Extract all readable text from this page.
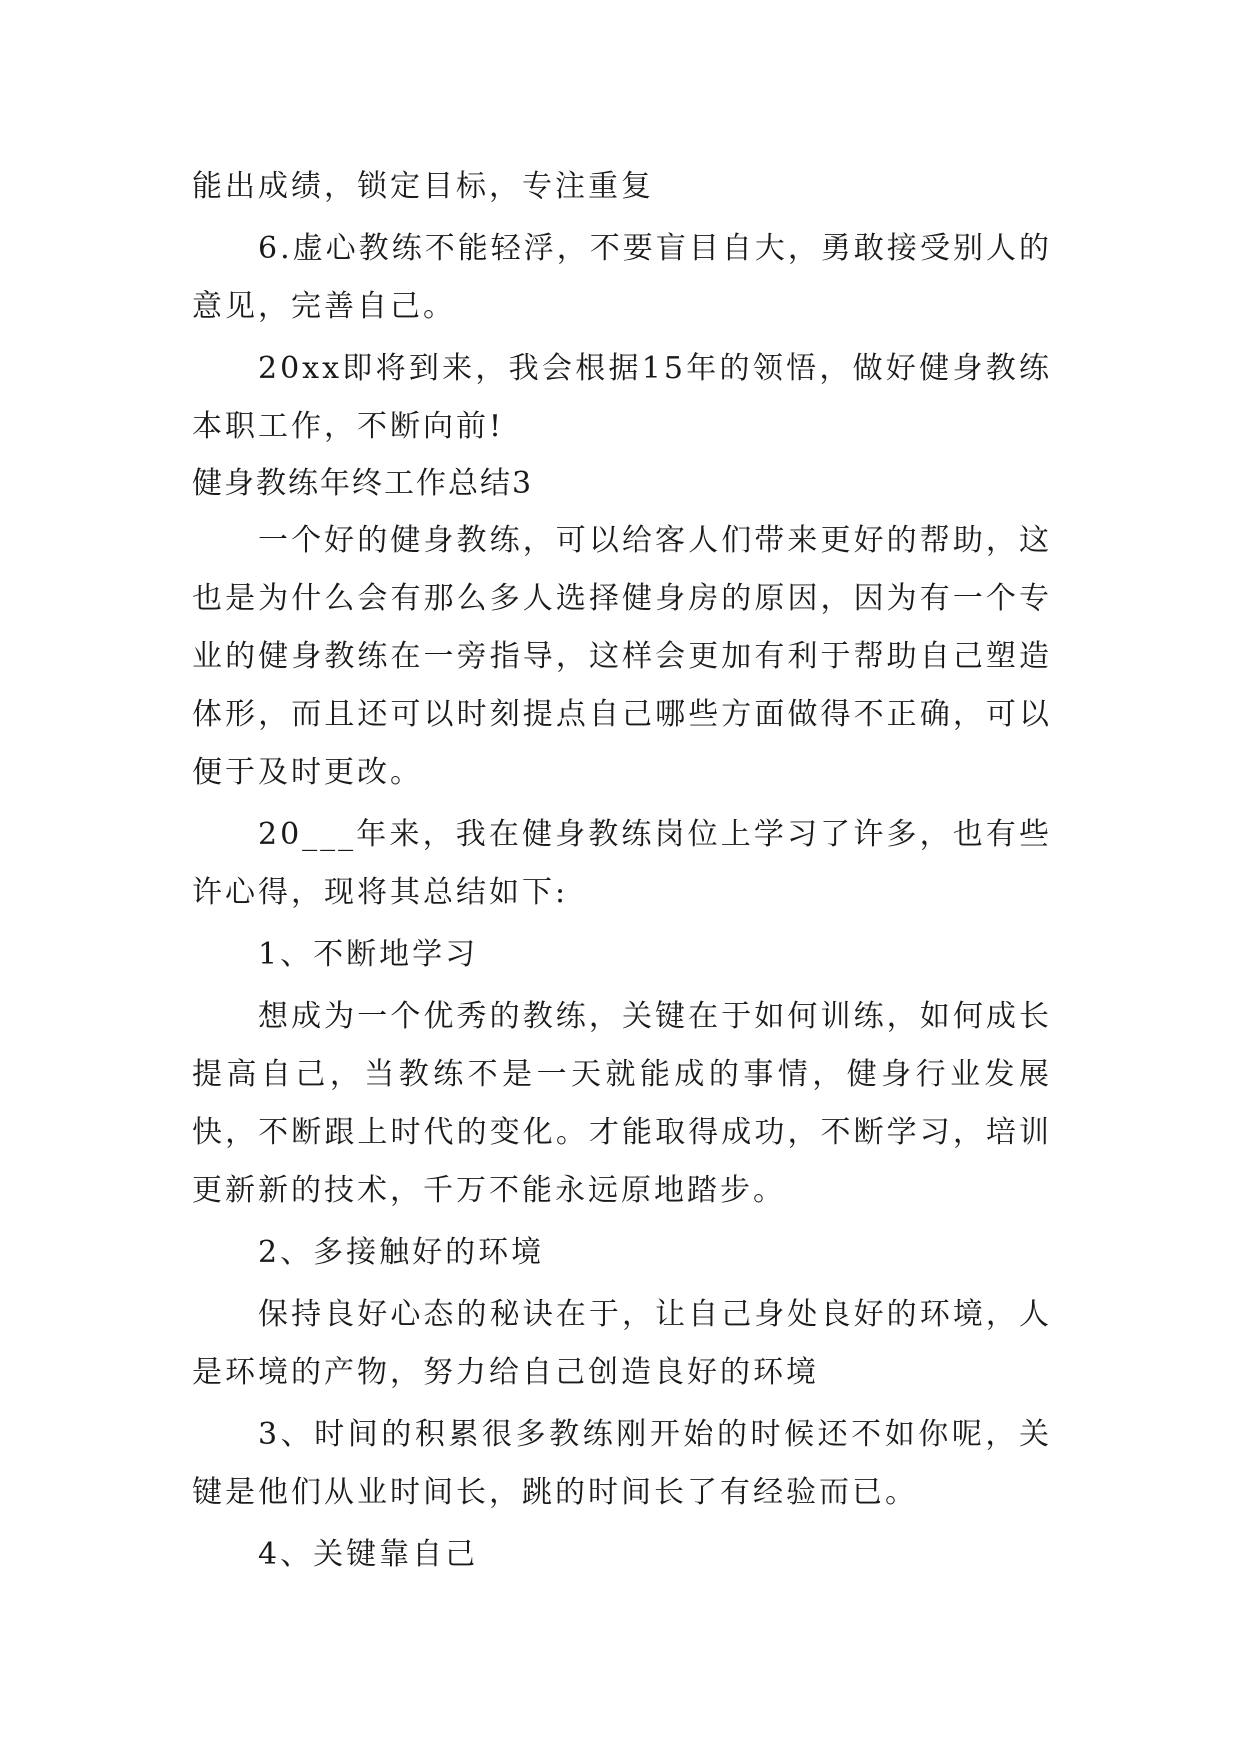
能出成绩，锁定目标，专注重复

6.虚心教练不能轻浮，不要盲目自大，勇敢接受别人的意见，完善自己。

20xx即将到来，我会根据15年的领悟，做好健身教练本职工作，不断向前!

健身教练年终工作总结3

一个好的健身教练，可以给客人们带来更好的帮助，这也是为什么会有那么多人选择健身房的原因，因为有一个专业的健身教练在一旁指导，这样会更加有利于帮助自己塑造体形，而且还可以时刻提点自己哪些方面做得不正确，可以便于及时更改。

20___年来，我在健身教练岗位上学习了许多，也有些许心得，现将其总结如下:

1、不断地学习

想成为一个优秀的教练，关键在于如何训练，如何成长提高自己，当教练不是一天就能成的事情，健身行业发展快，不断跟上时代的变化。才能取得成功，不断学习，培训更新新的技术，千万不能永远原地踏步。

2、多接触好的环境

保持良好心态的秘诀在于，让自己身处良好的环境，人是环境的产物，努力给自己创造良好的环境

3、时间的积累很多教练刚开始的时候还不如你呢，关键是他们从业时间长，跳的时间长了有经验而已。

4、关键靠自己
